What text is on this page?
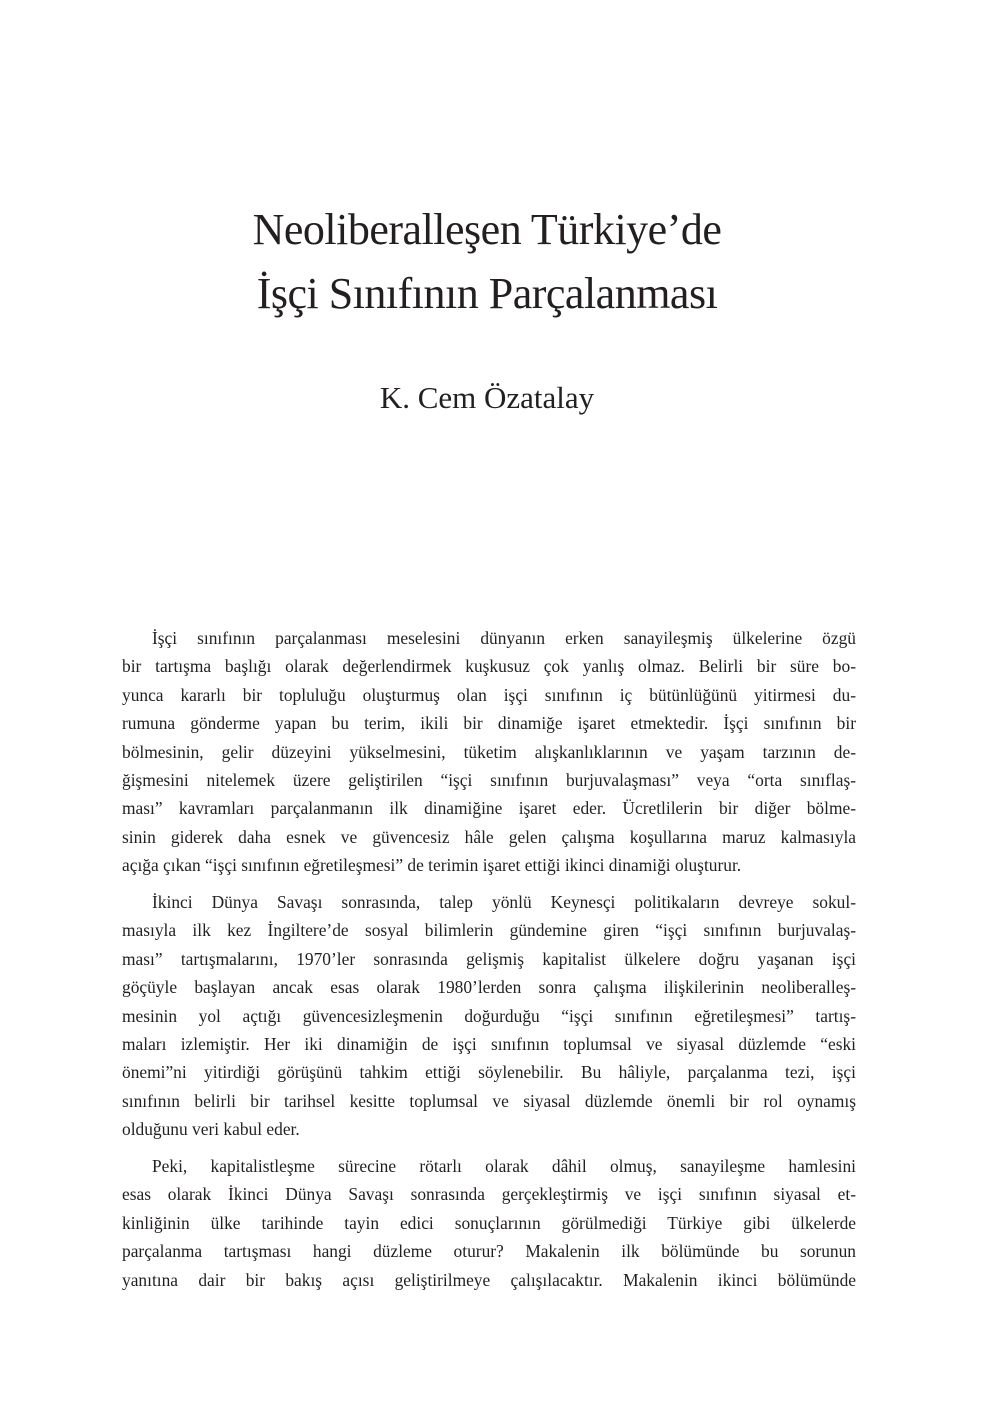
Neoliberalleşen Türkiye’de
İşçi Sınıfının Parçalanması
K. Cem Özatalay
İşçi sınıfının parçalanması meselesini dünyanın erken sanayileşmiş ülkelerine özgü
bir tartışma başlığı olarak değerlendirmek kuşkusuz çok yanlış olmaz. Belirli bir süre bo-
yunca kararlı bir topluluğu oluşturmuş olan işçi sınıfının iç bütünlüğünü yitirmesi du-
rumuna gönderme yapan bu terim, ikili bir dinamiğe işaret etmektedir. İşçi sınıfının bir
bölmesinin, gelir düzeyini yükselmesini, tüketim alışkanlıklarının ve yaşam tarzının de-
ğişmesini nitelemek üzere geliştirilen “işçi sınıfının burjuvalaşması” veya “orta sınıflaş-
ması” kavramları parçalanmanın ilk dinamiğine işaret eder. Ücretlilerin bir diğer bölme-
sinin giderek daha esnek ve güvencesiz hâle gelen çalışma koşullarına maruz kalmasıyla
açığa çıkan “işçi sınıfının eğretileşmesi” de terimin işaret ettiği ikinci dinamiği oluşturur.
İkinci Dünya Savaşı sonrasında, talep yönlü Keynesçi politikaların devreye sokul-
masıyla ilk kez İngiltere’de sosyal bilimlerin gündemine giren “işçi sınıfının burjuvalaş-
ması” tartışmalarını, 1970’ler sonrasında gelişmiş kapitalist ülkelere doğru yaşanan işçi
göçüyle başlayan ancak esas olarak 1980’lerden sonra çalışma ilişkilerinin neoliberalleş-
mesinin yol açtığı güvencesizleşmenin doğurduğu “işçi sınıfının eğretileşmesi” tartış-
maları izlemiştir. Her iki dinamiğin de işçi sınıfının toplumsal ve siyasal düzlemde “eski
önemi”ni yitirdiği görüşünü tahkim ettiği söylenebilir. Bu hâliyle, parçalanma tezi, işçi
sınıfının belirli bir tarihsel kesitte toplumsal ve siyasal düzlemde önemli bir rol oynamış
olduğunu veri kabul eder.
Peki, kapitalistleşme sürecine rötarlı olarak dâhil olmuş, sanayileşme hamlesini
esas olarak İkinci Dünya Savaşı sonrasında gerçekleştirmiş ve işçi sınıfının siyasal et-
kinliğinin ülke tarihinde tayin edici sonuçlarının görülmediği Türkiye gibi ülkelerde
parçalanma tartışması hangi düzleme oturur? Makalenin ilk bölümünde bu sorunun
yanıtına dair bir bakış açısı geliştirilmeye çalışılacaktır. Makalenin ikinci bölümünde
